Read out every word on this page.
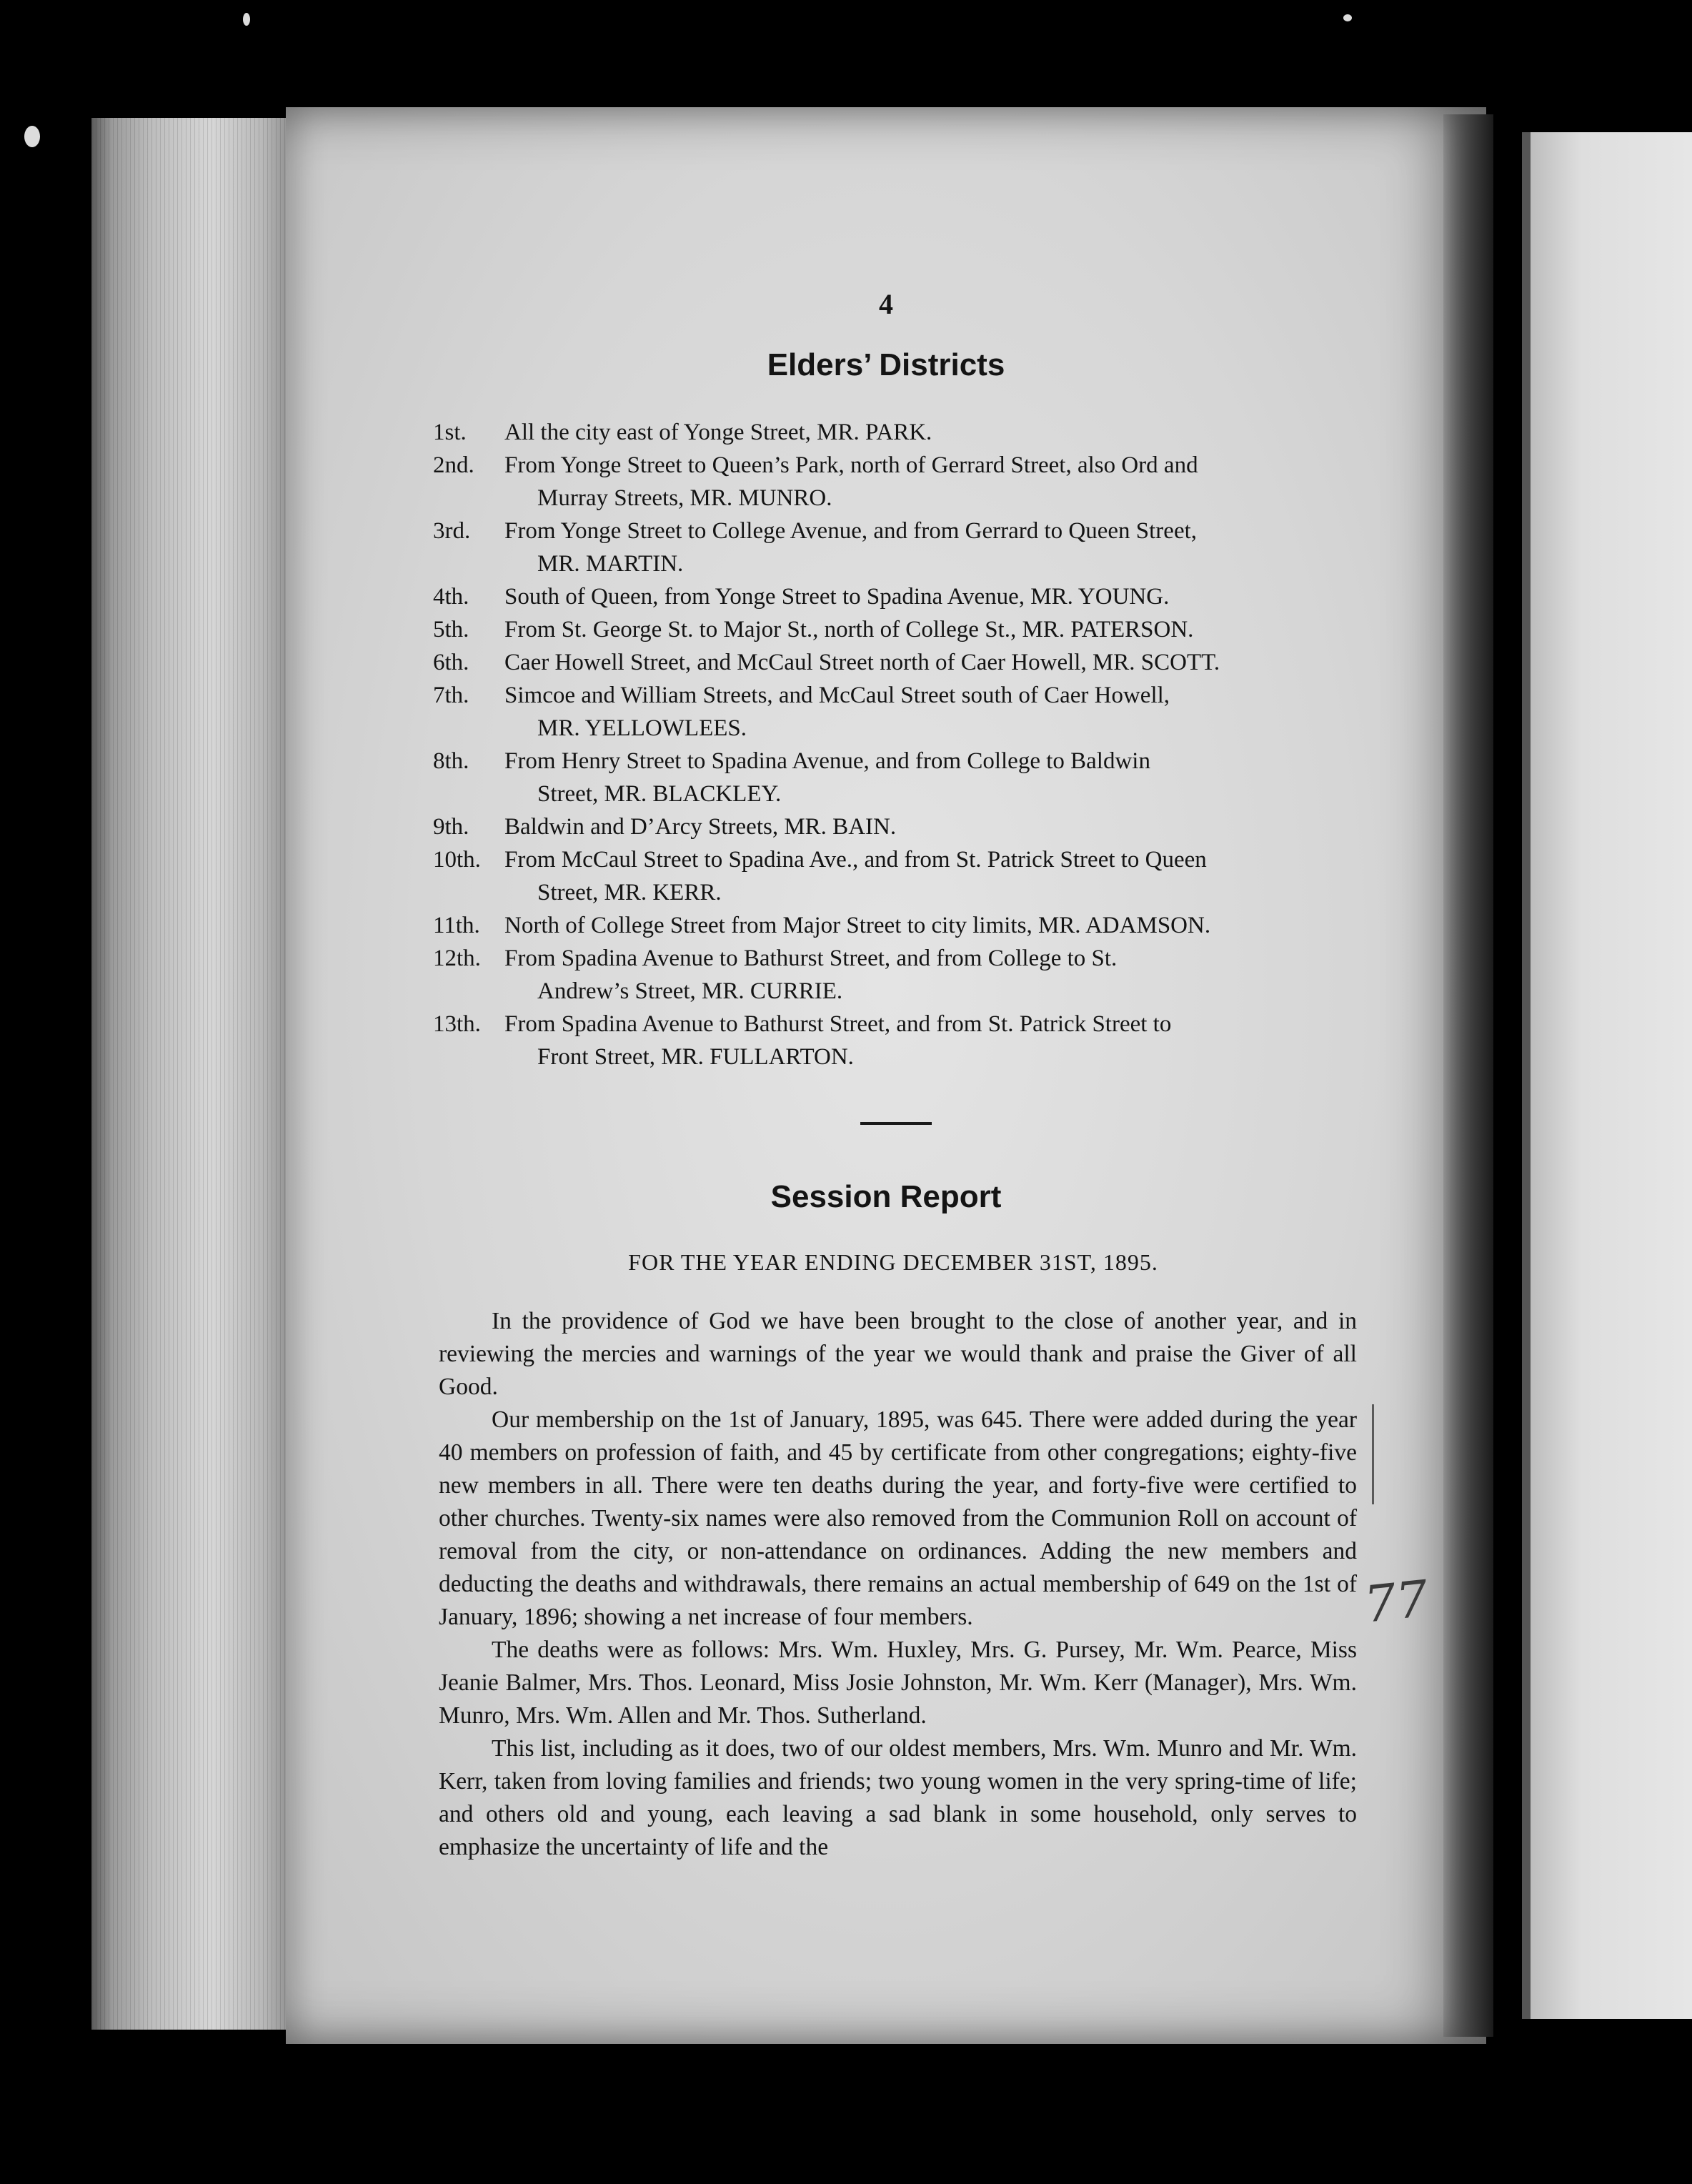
4
Elders’ Districts
1st. All the city east of Yonge Street, MR. PARK.
2nd. From Yonge Street to Queen’s Park, north of Gerrard Street, also Ord and
Murray Streets, MR. MUNRO.
3rd. From Yonge Street to College Avenue, and from Gerrard to Queen Street,
MR. MARTIN.
4th. South of Queen, from Yonge Street to Spadina Avenue, MR. YOUNG.
5th. From St. George St. to Major St., north of College St., MR. PATERSON.
6th. Caer Howell Street, and McCaul Street north of Caer Howell, MR. SCOTT.
7th. Simcoe and William Streets, and McCaul Street south of Caer Howell,
MR. YELLOWLEES.
8th. From Henry Street to Spadina Avenue, and from College to Baldwin
Street, MR. BLACKLEY.
9th. Baldwin and D’Arcy Streets, MR. BAIN.
10th. From McCaul Street to Spadina Ave., and from St. Patrick Street to Queen
Street, MR. KERR.
11th. North of College Street from Major Street to city limits, MR. ADAMSON.
12th. From Spadina Avenue to Bathurst Street, and from College to St.
Andrew’s Street, MR. CURRIE.
13th. From Spadina Avenue to Bathurst Street, and from St. Patrick Street to
Front Street, MR. FULLARTON.
Session Report
FOR THE YEAR ENDING DECEMBER 31ST, 1895.

In the providence of God we have been brought to the close of another year, and in reviewing the mercies and warnings of the year we would thank and praise the Giver of all Good.

Our membership on the 1st of January, 1895, was 645. There were added during the year 40 members on profession of faith, and 45 by certificate from other congregations; eighty-five new members in all. There were ten deaths during the year, and forty-five were certified to other churches. Twenty-six names were also removed from the Communion Roll on account of removal from the city, or non-attendance on ordinances. Adding the new members and deducting the deaths and withdrawals, there remains an actual membership of 649 on the 1st of January, 1896; showing a net increase of four members.

The deaths were as follows: Mrs. Wm. Huxley, Mrs. G. Pursey, Mr. Wm. Pearce, Miss Jeanie Balmer, Mrs. Thos. Leonard, Miss Josie Johnston, Mr. Wm. Kerr (Manager), Mrs. Wm. Munro, Mrs. Wm. Allen and Mr. Thos. Sutherland.

This list, including as it does, two of our oldest members, Mrs. Wm. Munro and Mr. Wm. Kerr, taken from loving families and friends; two young women in the very spring-time of life; and others old and young, each leaving a sad blank in some household, only serves to emphasize the uncertainty of life and the

77
